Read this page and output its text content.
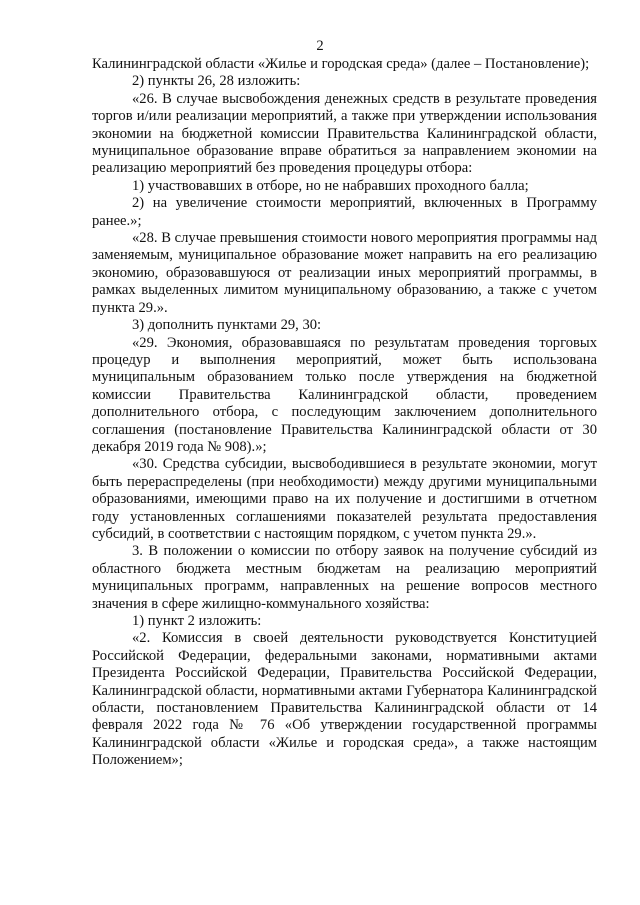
2

Калининградской области «Жилье и городская среда» (далее – Постановление);

2) пункты 26, 28 изложить:

«26. В случае высвобождения денежных средств в результате проведения торгов и/или реализации мероприятий, а также при утверждении использования экономии на бюджетной комиссии Правительства Калининградской области, муниципальное образование вправе обратиться за направлением экономии на реализацию мероприятий без проведения процедуры отбора:

1) участвовавших в отборе, но не набравших проходного балла;

2) на увеличение стоимости мероприятий, включенных в Программу ранее.»;

«28. В случае превышения стоимости нового мероприятия программы над заменяемым, муниципальное образование может направить на его реализацию экономию, образовавшуюся от реализации иных мероприятий программы, в рамках выделенных лимитом муниципальному образованию, а также с учетом пункта 29.».

3) дополнить пунктами 29, 30:

«29. Экономия, образовавшаяся по результатам проведения торговых процедур и выполнения мероприятий, может быть использована муниципальным образованием только после утверждения на бюджетной комиссии Правительства Калининградской области, проведением дополнительного отбора, с последующим заключением дополнительного соглашения (постановление Правительства Калининградской области от 30 декабря 2019 года № 908).»;

«30. Средства субсидии, высвободившиеся в результате экономии, могут быть перераспределены (при необходимости) между другими муниципальными образованиями, имеющими право на их получение и достигшими в отчетном году установленных соглашениями показателей результата предоставления субсидий, в соответствии с настоящим порядком, с учетом пункта 29.».

3. В положении о комиссии по отбору заявок на получение субсидий из областного бюджета местным бюджетам на реализацию мероприятий муниципальных программ, направленных на решение вопросов местного значения в сфере жилищно-коммунального хозяйства:

1) пункт 2 изложить:

«2. Комиссия в своей деятельности руководствуется Конституцией Российской Федерации, федеральными законами, нормативными актами Президента Российской Федерации, Правительства Российской Федерации, Калининградской области, нормативными актами Губернатора Калининградской области, постановлением Правительства Калининградской области от 14 февраля 2022 года № 76 «Об утверждении государственной программы Калининградской области «Жилье и городская среда», а также настоящим Положением»;
